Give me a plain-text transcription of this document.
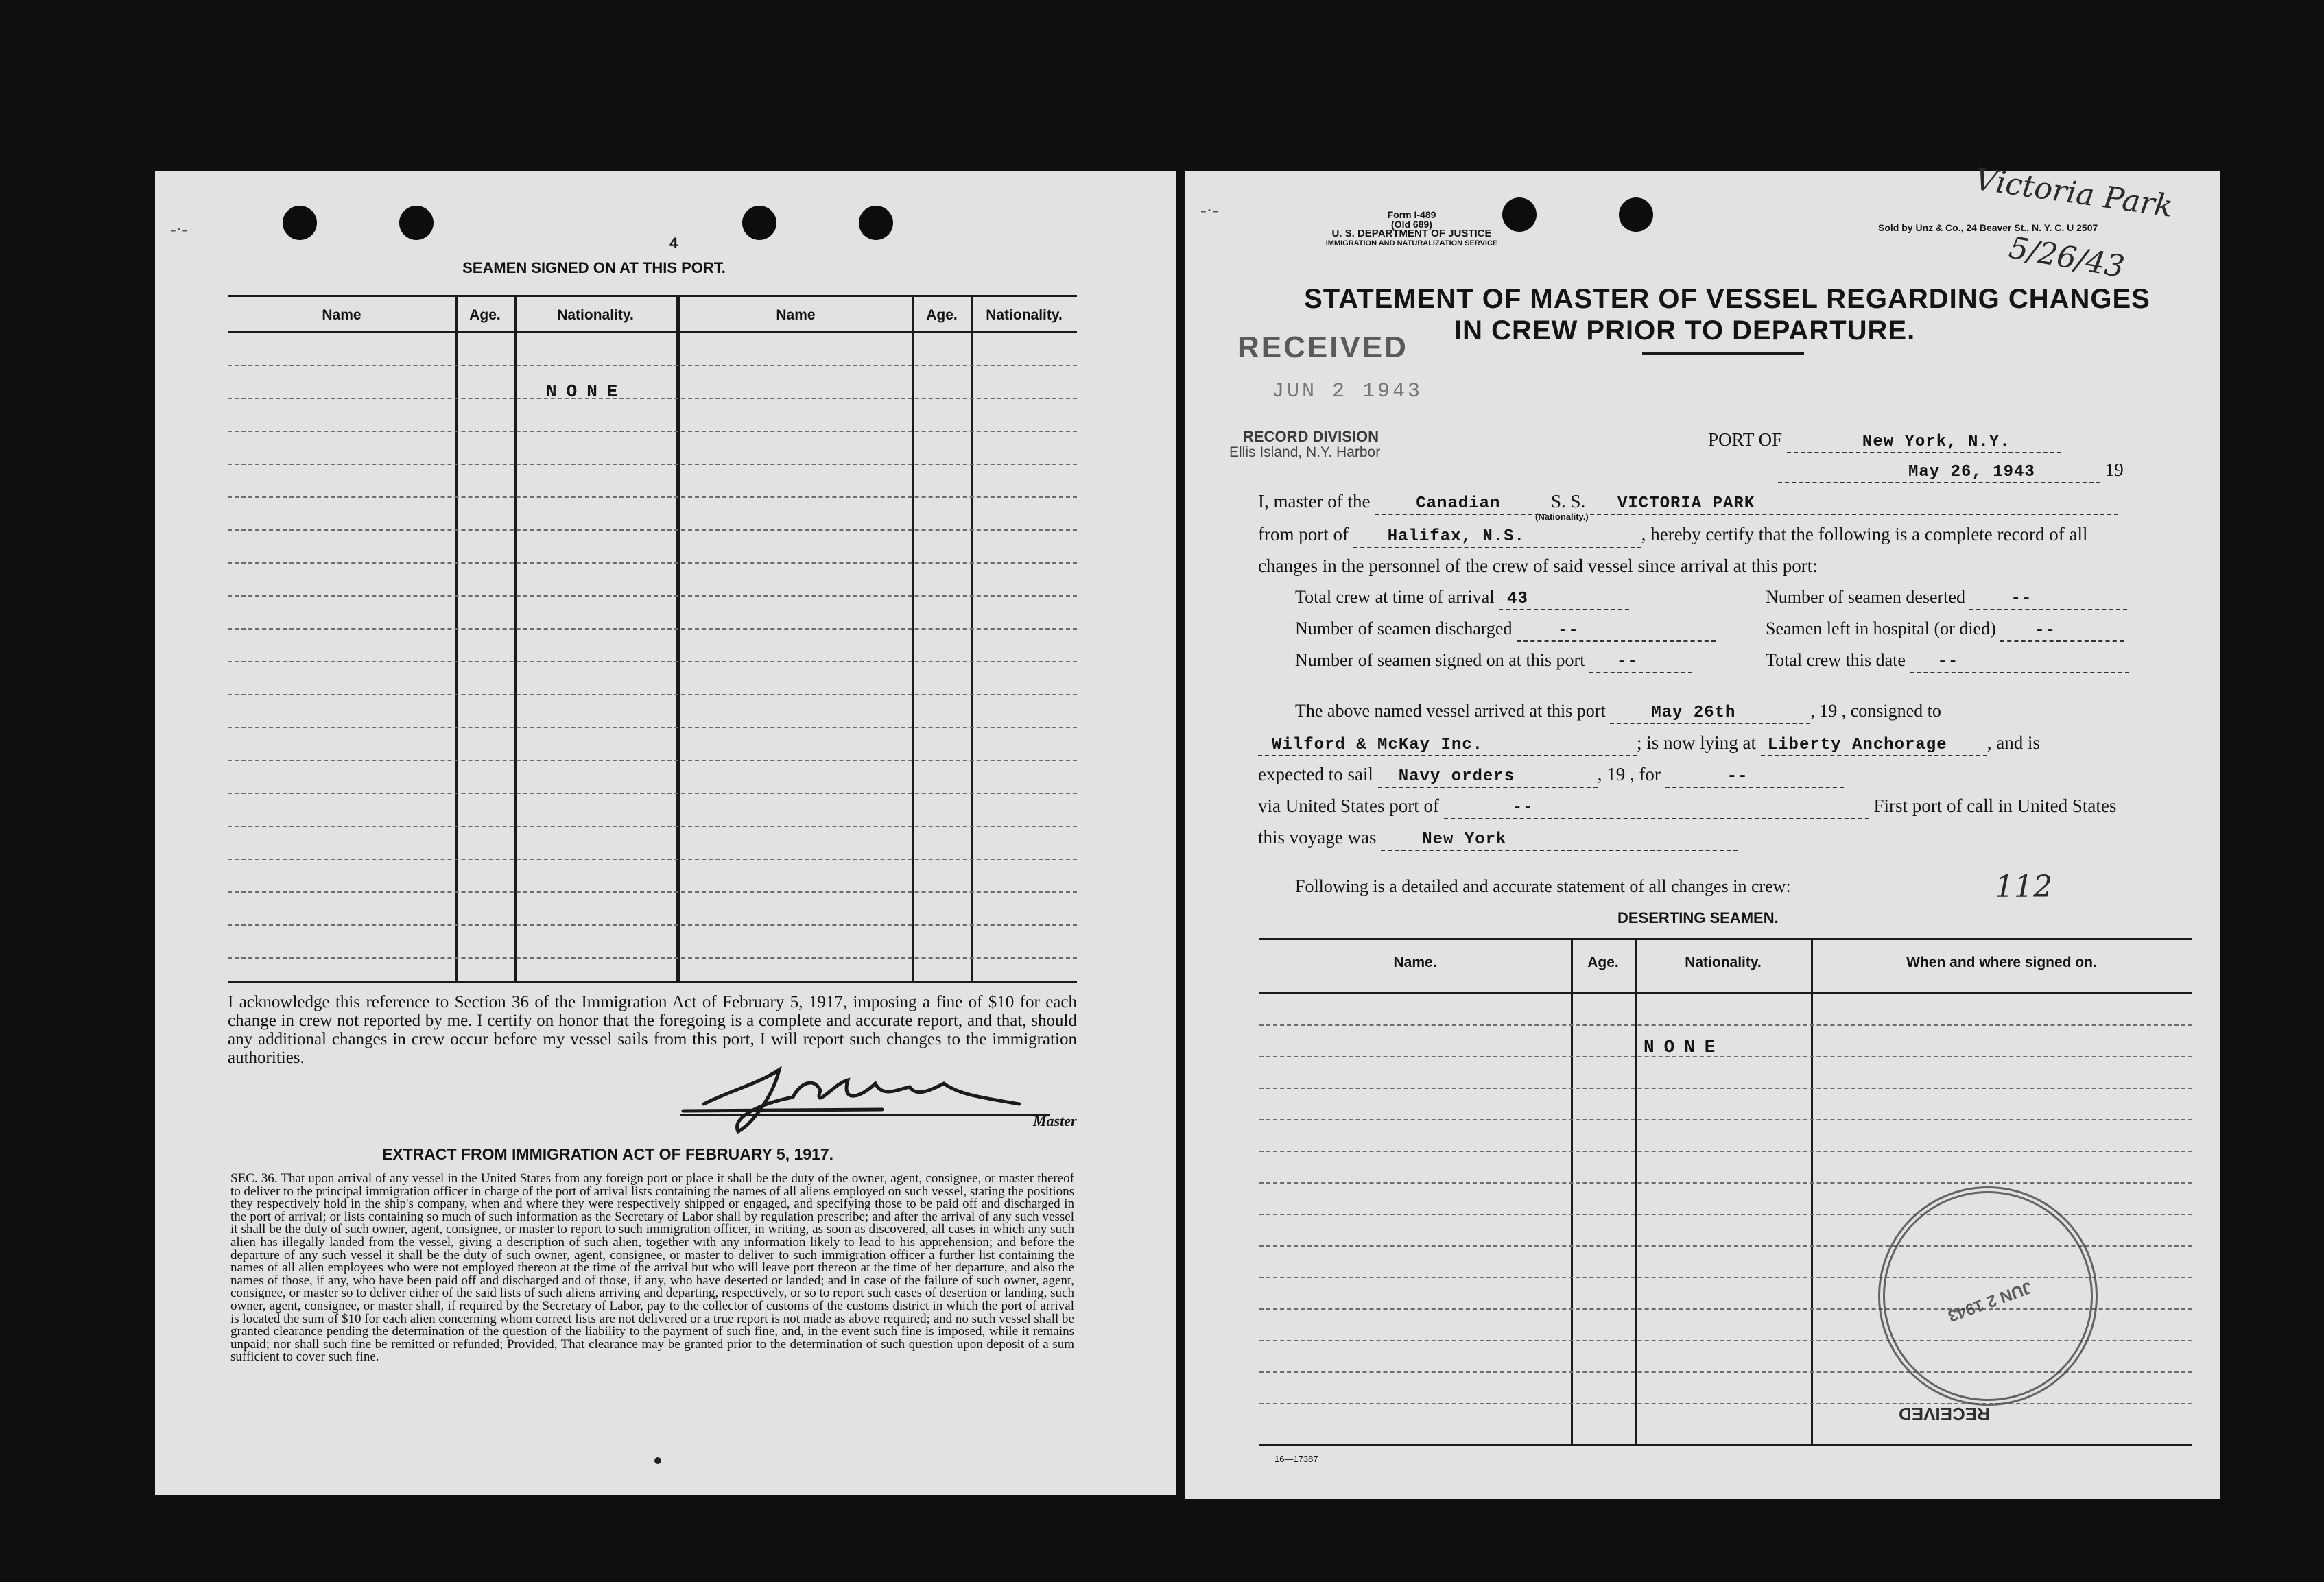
-·-
4
SEAMEN SIGNED ON AT THIS PORT.
Name	Age.	Nationality.	Name	Age.	Nationality.
NONE
I acknowledge this reference to Section 36 of the Immigration Act of February 5, 1917, imposing a fine of $10 for each change in crew not reported by me. I certify on honor that the foregoing is a complete and accurate report, and that, should any additional changes in crew occur before my vessel sails from this port, I will report such changes to the immigration authorities.
Master
EXTRACT FROM IMMIGRATION ACT OF FEBRUARY 5, 1917.
SEC. 36. That upon arrival of any vessel in the United States from any foreign port or place it shall be the duty of the owner, agent, consignee, or master thereof to deliver to the principal immigration officer in charge of the port of arrival lists containing the names of all aliens employed on such vessel, stating the positions they respectively hold in the ship's company, when and where they were respectively shipped or engaged, and specifying those to be paid off and discharged in the port of arrival; or lists containing so much of such information as the Secretary of Labor shall by regulation prescribe; and after the arrival of any such vessel it shall be the duty of such owner, agent, consignee, or master to report to such immigration officer, in writing, as soon as discovered, all cases in which any such alien has illegally landed from the vessel, giving a description of such alien, together with any information likely to lead to his apprehension; and before the departure of any such vessel it shall be the duty of such owner, agent, consignee, or master to deliver to such immigration officer a further list containing the names of all alien employees who were not employed thereon at the time of the arrival but who will leave port thereon at the time of her departure, and also the names of those, if any, who have been paid off and discharged and of those, if any, who have deserted or landed; and in case of the failure of such owner, agent, consignee, or master so to deliver either of the said lists of such aliens arriving and departing, respectively, or so to report such cases of desertion or landing, such owner, agent, consignee, or master shall, if required by the Secretary of Labor, pay to the collector of customs of the customs district in which the port of arrival is located the sum of $10 for each alien concerning whom correct lists are not delivered or a true report is not made as above required; and no such vessel shall be granted clearance pending the determination of the question of the liability to the payment of such fine, and, in the event such fine is imposed, while it remains unpaid; nor shall such fine be remitted or refunded; Provided, That clearance may be granted prior to the determination of such question upon deposit of a sum sufficient to cover such fine.
-·-	Form I-489
(Old 689)
U. S. DEPARTMENT OF JUSTICE
IMMIGRATION AND NATURALIZATION SERVICE
Sold by Unz & Co., 24 Beaver St., N. Y. C. U 2507
Victoria Park
5/26/43
STATEMENT OF MASTER OF VESSEL REGARDING CHANGES
IN CREW PRIOR TO DEPARTURE.
RECEIVED
JUN 2 1943
RECORD DIVISION
Ellis Island, N.Y. Harbor
PORT OF	New York, N.Y.
May 26, 1943	19
I, master of the	Canadian	S. S. VICTORIA PARK
(Nationality.)
from port of Halifax, N.S.	, hereby certify that the following is a complete record of all
changes in the personnel of the crew of said vessel since arrival at this port:
Total crew at time of arrival 43	Number of seamen deserted	--
Number of seamen discharged	--	Seamen left in hospital (or died) --
Number of seamen signed on at this port --	Total crew this date --
The above named vessel arrived at this port	May 26th	, 19 , consigned to
Wilford & McKay Inc.	; is now lying at Liberty Anchorage , and is
expected to sail Navy orders	, 19 , for	--
via United States port of	--	First port of call in United States
this voyage was	New York
Following is a detailed and accurate statement of all changes in crew:	112
DESERTING SEAMEN.
Name.	Age.	Nationality.	When and where signed on.
NONE
JUN 2 1943
RECEIVED
16—17387
